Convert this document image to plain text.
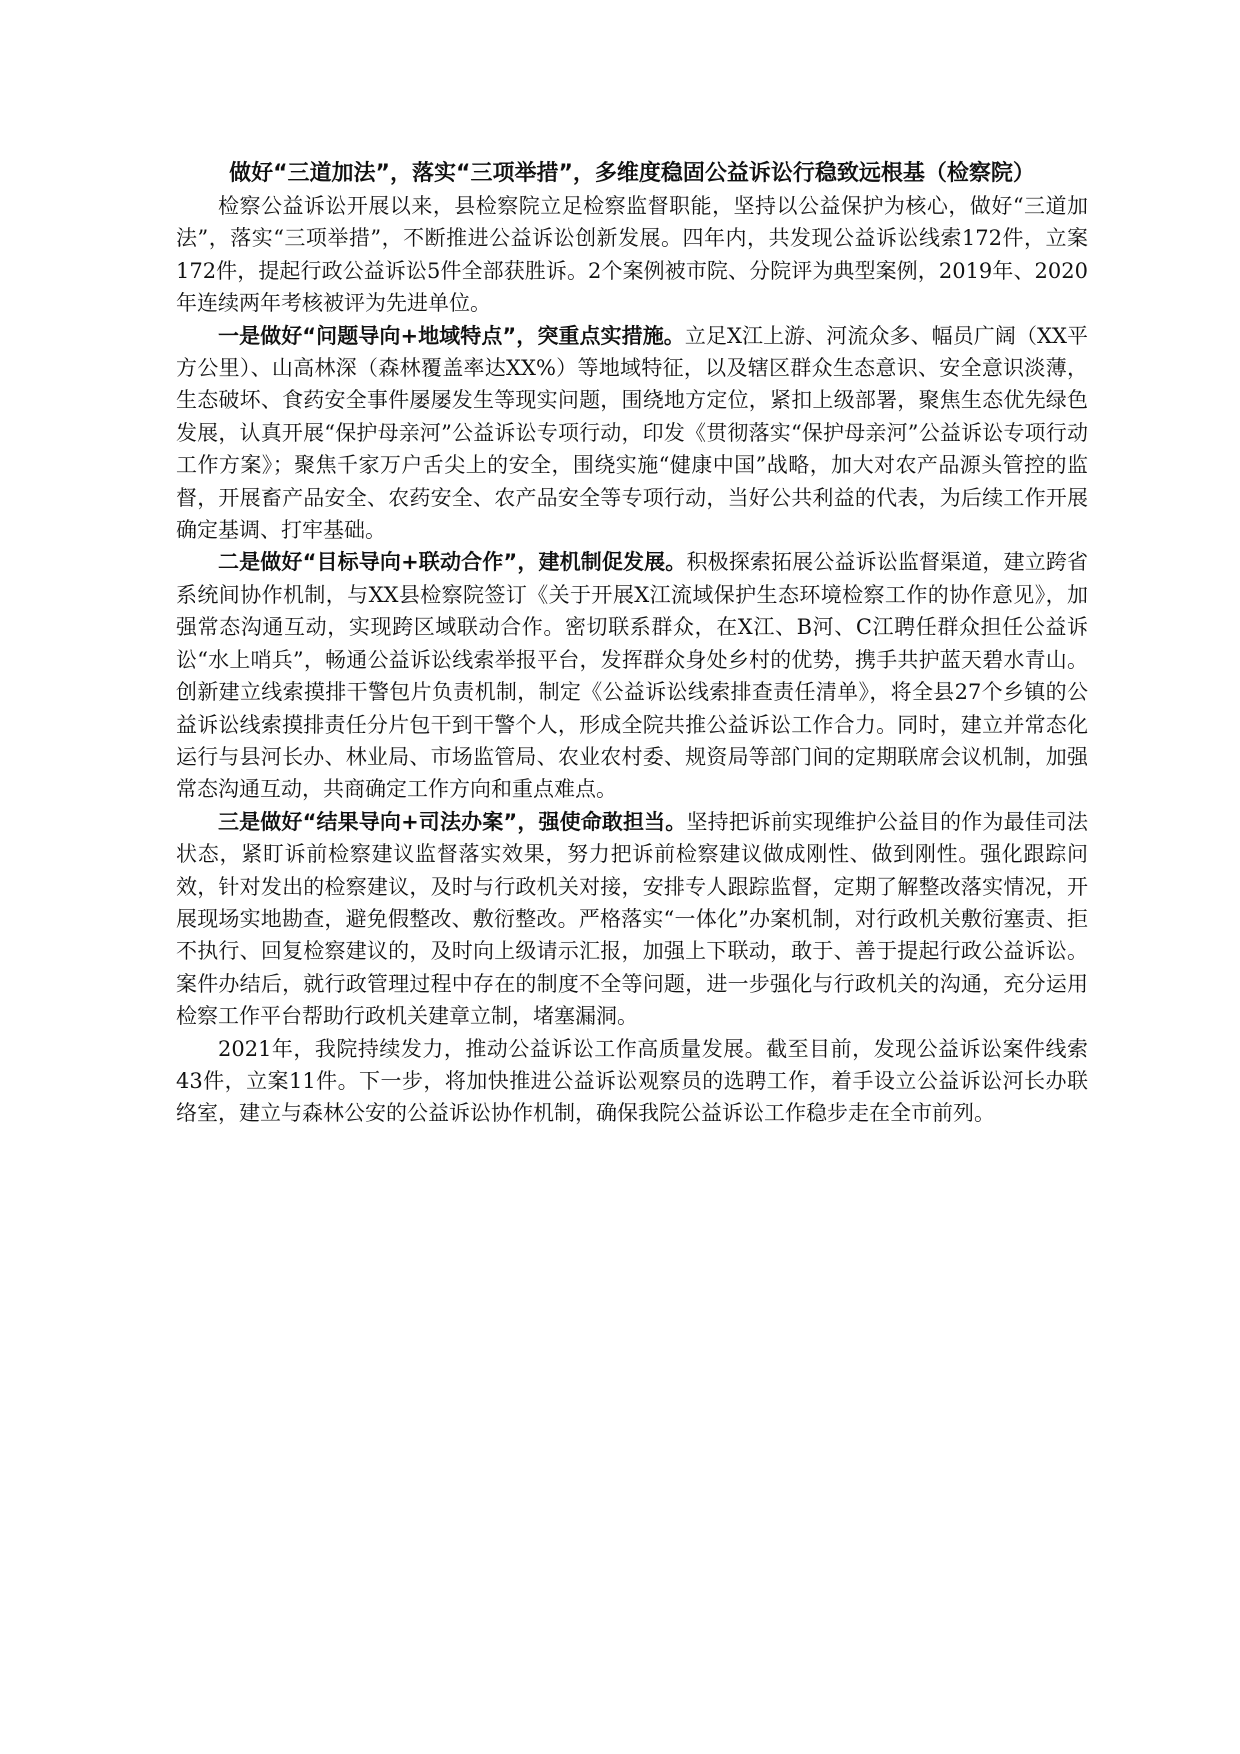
做好“三道加法”，落实“三项举措”，多维度稳固公益诉讼行稳致远根基（检察院）

检察公益诉讼开展以来，县检察院立足检察监督职能，坚持以公益保护为核心，做好“三道加法”，落实“三项举措”，不断推进公益诉讼创新发展。四年内，共发现公益诉讼线索172件，立案172件，提起行政公益诉讼5件全部获胜诉。2个案例被市院、分院评为典型案例，2019年、2020年连续两年考核被评为先进单位。

一是做好“问题导向+地域特点”，突重点实措施。立足X江上游、河流众多、幅员广阔（XX平方公里）、山高林深（森林覆盖率达XX%）等地域特征，以及辖区群众生态意识、安全意识淡薄，生态破坏、食药安全事件屡屡发生等现实问题，围绕地方定位，紧扣上级部署，聚焦生态优先绿色发展，认真开展“保护母亲河”公益诉讼专项行动，印发《贯彻落实“保护母亲河”公益诉讼专项行动工作方案》；聚焦千家万户舌尖上的安全，围绕实施“健康中国”战略，加大对农产品源头管控的监督，开展畜产品安全、农药安全、农产品安全等专项行动，当好公共利益的代表，为后续工作开展确定基调、打牢基础。

二是做好“目标导向+联动合作”，建机制促发展。积极探索拓展公益诉讼监督渠道，建立跨省系统间协作机制，与XX县检察院签订《关于开展X江流域保护生态环境检察工作的协作意见》，加强常态沟通互动，实现跨区域联动合作。密切联系群众，在X江、B河、C江聘任群众担任公益诉讼“水上哨兵”，畅通公益诉讼线索举报平台，发挥群众身处乡村的优势，携手共护蓝天碧水青山。创新建立线索摸排干警包片负责机制，制定《公益诉讼线索排查责任清单》，将全县27个乡镇的公益诉讼线索摸排责任分片包干到干警个人，形成全院共推公益诉讼工作合力。同时，建立并常态化运行与县河长办、林业局、市场监管局、农业农村委、规资局等部门间的定期联席会议机制，加强常态沟通互动，共商确定工作方向和重点难点。

三是做好“结果导向+司法办案”，强使命敢担当。坚持把诉前实现维护公益目的作为最佳司法状态，紧盯诉前检察建议监督落实效果，努力把诉前检察建议做成刚性、做到刚性。强化跟踪问效，针对发出的检察建议，及时与行政机关对接，安排专人跟踪监督，定期了解整改落实情况，开展现场实地勘查，避免假整改、敷衍整改。严格落实“一体化”办案机制，对行政机关敷衍塞责、拒不执行、回复检察建议的，及时向上级请示汇报，加强上下联动，敢于、善于提起行政公益诉讼。案件办结后，就行政管理过程中存在的制度不全等问题，进一步强化与行政机关的沟通，充分运用检察工作平台帮助行政机关建章立制，堵塞漏洞。

2021年，我院持续发力，推动公益诉讼工作高质量发展。截至目前，发现公益诉讼案件线索43件，立案11件。下一步，将加快推进公益诉讼观察员的选聘工作，着手设立公益诉讼河长办联络室，建立与森林公安的公益诉讼协作机制，确保我院公益诉讼工作稳步走在全市前列。
